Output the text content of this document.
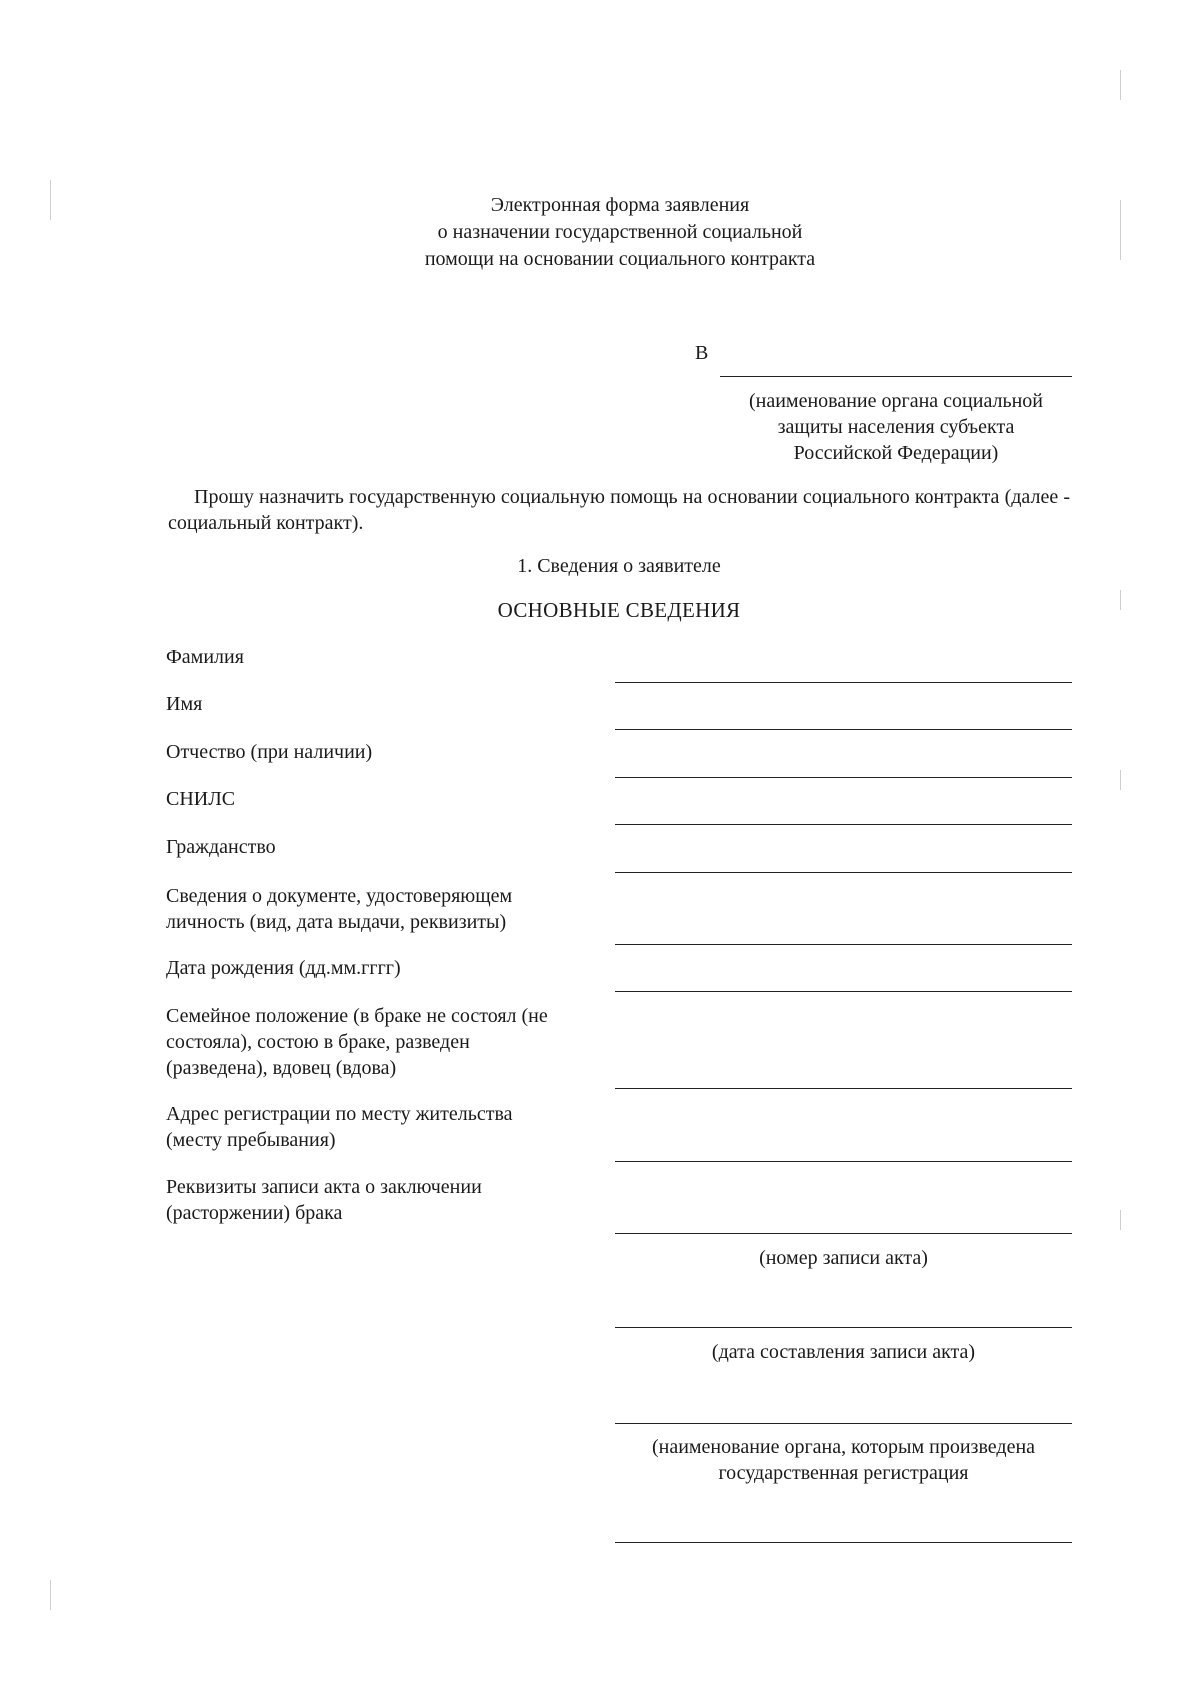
Электронная форма заявления
о назначении государственной социальной
помощи на основании социального контракта
В
(наименование органа социальной
защиты населения субъекта
Российской Федерации)
Прошу назначить государственную социальную помощь на основании социального контракта (далее - социальный контракт).
1. Сведения о заявителе
ОСНОВНЫЕ СВЕДЕНИЯ
Фамилия
Имя
Отчество (при наличии)
СНИЛС
Гражданство
Сведения о документе, удостоверяющем
личность (вид, дата выдачи, реквизиты)
Дата рождения (дд.мм.гггг)
Семейное положение (в браке не состоял (не
состояла), состою в браке, разведен
(разведена), вдовец (вдова)
Адрес регистрации по месту жительства
(месту пребывания)
Реквизиты записи акта о заключении
(расторжении) брака
(номер записи акта)
(дата составления записи акта)
(наименование органа, которым произведена
государственная регистрация
